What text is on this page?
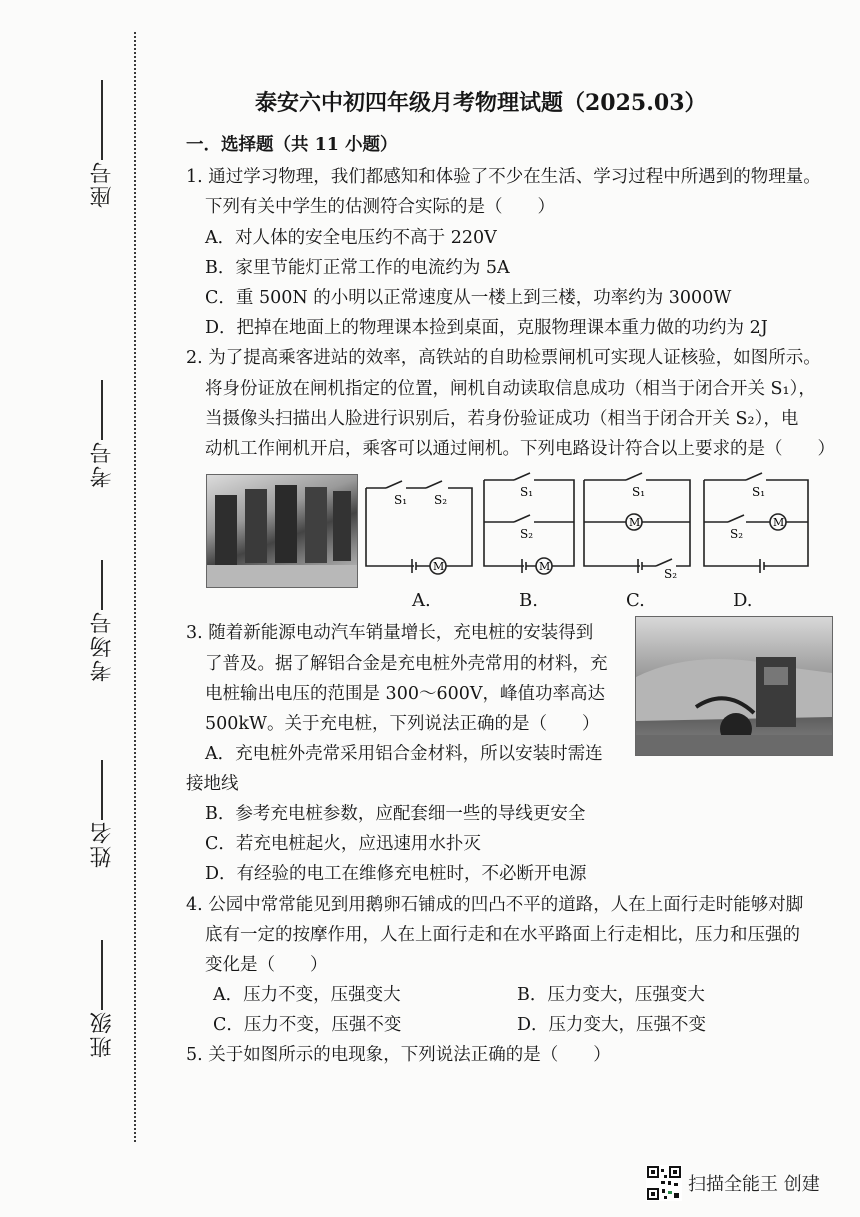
座号
考号
考场号
姓名
班级
泰安六中初四年级月考物理试题（2025.03）
一．选择题（共 11 小题）
1. 通过学习物理，我们都感知和体验了不少在生活、学习过程中所遇到的物理量。
下列有关中学生的估测符合实际的是（　　）
A．对人体的安全电压约不高于 220V
B．家里节能灯正常工作的电流约为 5A
C．重 500N 的小明以正常速度从一楼上到三楼，功率约为 3000W
D．把掉在地面上的物理课本捡到桌面，克服物理课本重力做的功约为 2J
2. 为了提高乘客进站的效率，高铁站的自助检票闸机可实现人证核验，如图所示。
将身份证放在闸机指定的位置，闸机自动读取信息成功（相当于闭合开关 S₁），
当摄像头扫描出人脸进行识别后，若身份验证成功（相当于闭合开关 S₂），电
动机工作闸机开启，乘客可以通过闸机。下列电路设计符合以上要求的是（　　）
S₁ S₂
M
S₁
S₂
M
S₁
M
S₂
S₁
S₂
M
A.	B.	C.	D.
3. 随着新能源电动汽车销量增长，充电桩的安装得到
了普及。据了解铝合金是充电桩外壳常用的材料，充
电桩输出电压的范围是 300～600V，峰值功率高达
500kW。关于充电桩，下列说法正确的是（　　）
A．充电桩外壳常采用铝合金材料，所以安装时需连
接地线
B．参考充电桩参数，应配套细一些的导线更安全
C．若充电桩起火，应迅速用水扑灭
D．有经验的电工在维修充电桩时，不必断开电源
4. 公园中常常能见到用鹅卵石铺成的凹凸不平的道路，人在上面行走时能够对脚
底有一定的按摩作用，人在上面行走和在水平路面上行走相比，压力和压强的
变化是（　　）
A．压力不变，压强变大	B．压力变大，压强变大
C．压力不变，压强不变	D．压力变大，压强不变
5. 关于如图所示的电现象，下列说法正确的是（　　）
扫描全能王 创建
